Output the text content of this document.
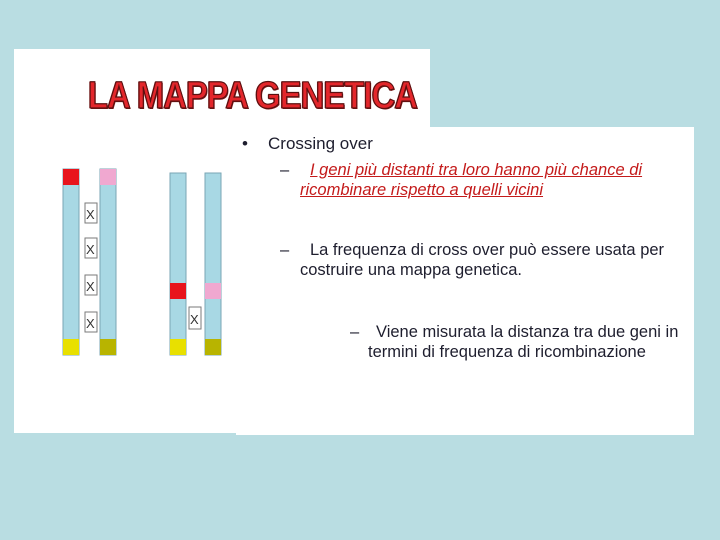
LA MAPPA GENETICA
X
X
X
X	X
• Crossing over
–	I geni più distanti tra loro hanno più chance di ricombinare rispetto a quelli vicini
–	La frequenza di cross over può essere usata per costruire una mappa genetica.
–	Viene misurata la distanza tra due geni in termini di frequenza di ricombinazione
